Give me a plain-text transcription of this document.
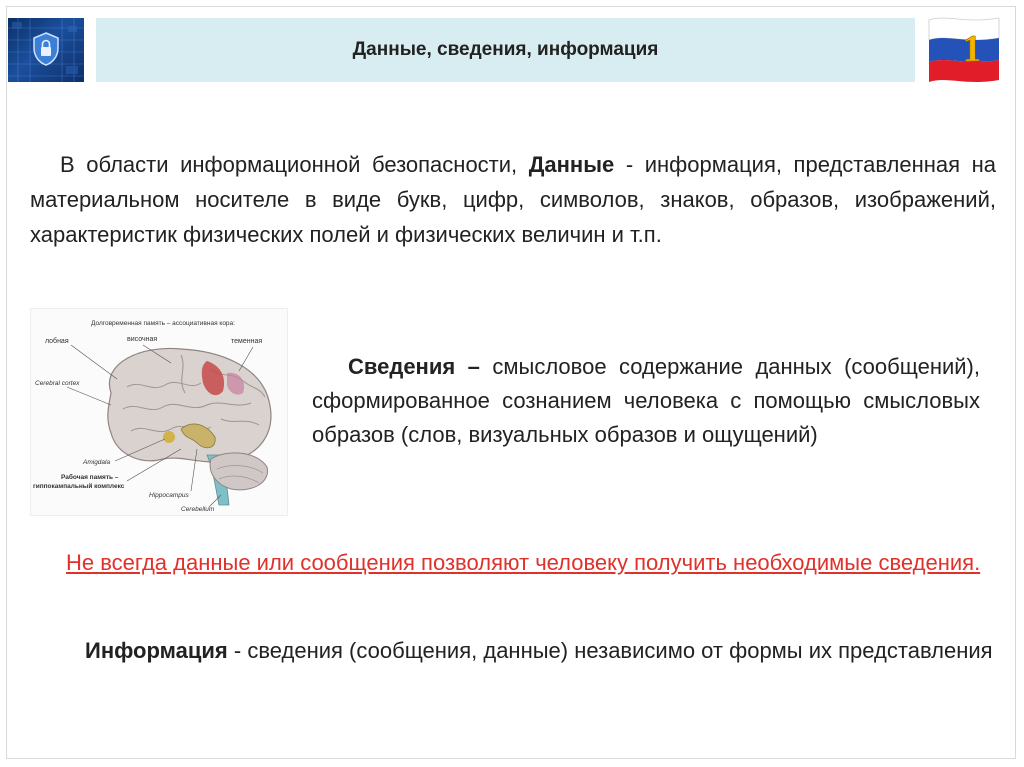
Данные, сведения, информация	1

В области информационной безопасности, Данные - информация, представленная на материальном носителе в виде букв, цифр, символов, знаков, образов, изображений, характеристик физических полей и физических величин и т.п.

Долговременная память – ассоциативная кора:
лобная	височная	теменная
Cerebral cortex
Amigdala
Рабочая память –
гиппокампальный комплекс
Hippocampus
Cerebellum

Сведения – смысловое содержание данных (сообщений), сформированное сознанием человека с помощью смысловых образов (слов, визуальных образов и ощущений)

Не всегда данные или сообщения позволяют человеку получить необходимые сведения.

Информация - сведения (сообщения, данные) независимо от формы их представления
